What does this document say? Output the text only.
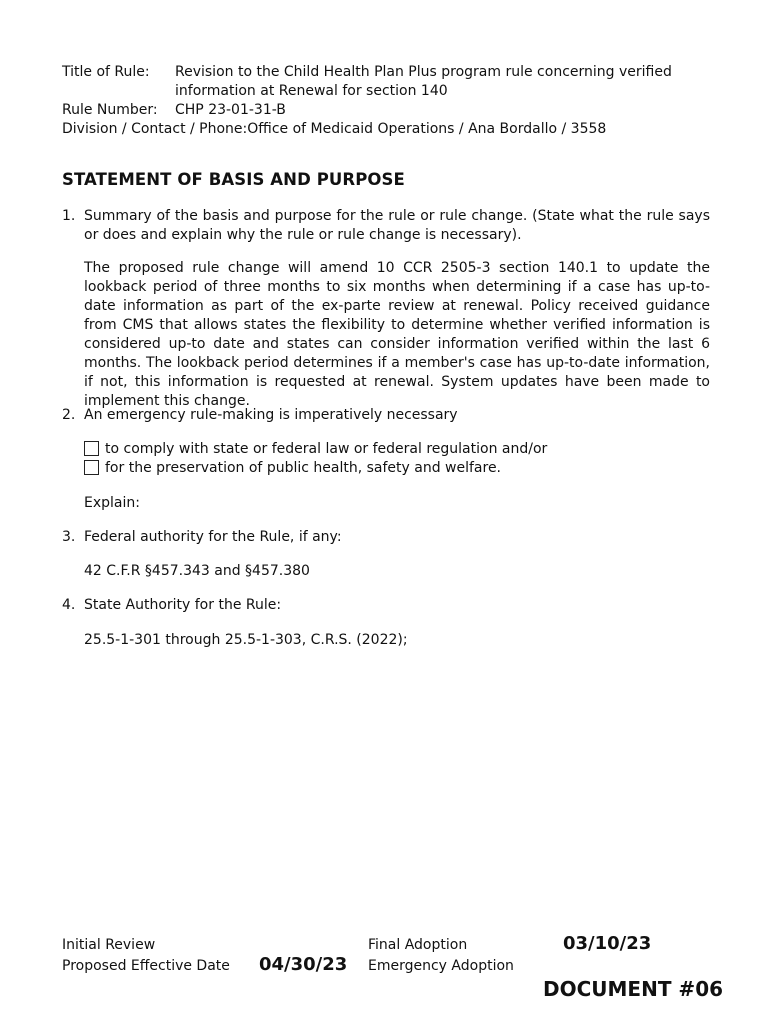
Title of Rule: Revision to the Child Health Plan Plus program rule concerning verified information at Renewal for section 140
Rule Number: CHP 23-01-31-B
Division / Contact / Phone:Office of Medicaid Operations / Ana Bordallo / 3558
STATEMENT OF BASIS AND PURPOSE
1. Summary of the basis and purpose for the rule or rule change. (State what the rule says or does and explain why the rule or rule change is necessary).
The proposed rule change will amend 10 CCR 2505-3 section 140.1 to update the lookback period of three months to six months when determining if a case has up-to-date information as part of the ex-parte review at renewal. Policy received guidance from CMS that allows states the flexibility to determine whether verified information is considered up-to date and states can consider information verified within the last 6 months. The lookback period determines if a member's case has up-to-date information, if not, this information is requested at renewal. System updates have been made to implement this change.
2. An emergency rule-making is imperatively necessary
to comply with state or federal law or federal regulation and/or
for the preservation of public health, safety and welfare.
Explain:
3. Federal authority for the Rule, if any:
42 C.F.R §457.343 and §457.380
4. State Authority for the Rule:
25.5-1-301 through 25.5-1-303, C.R.S. (2022);
Initial Review
Proposed Effective Date 04/30/23
Final Adoption	03/10/23
Emergency Adoption
DOCUMENT #06
